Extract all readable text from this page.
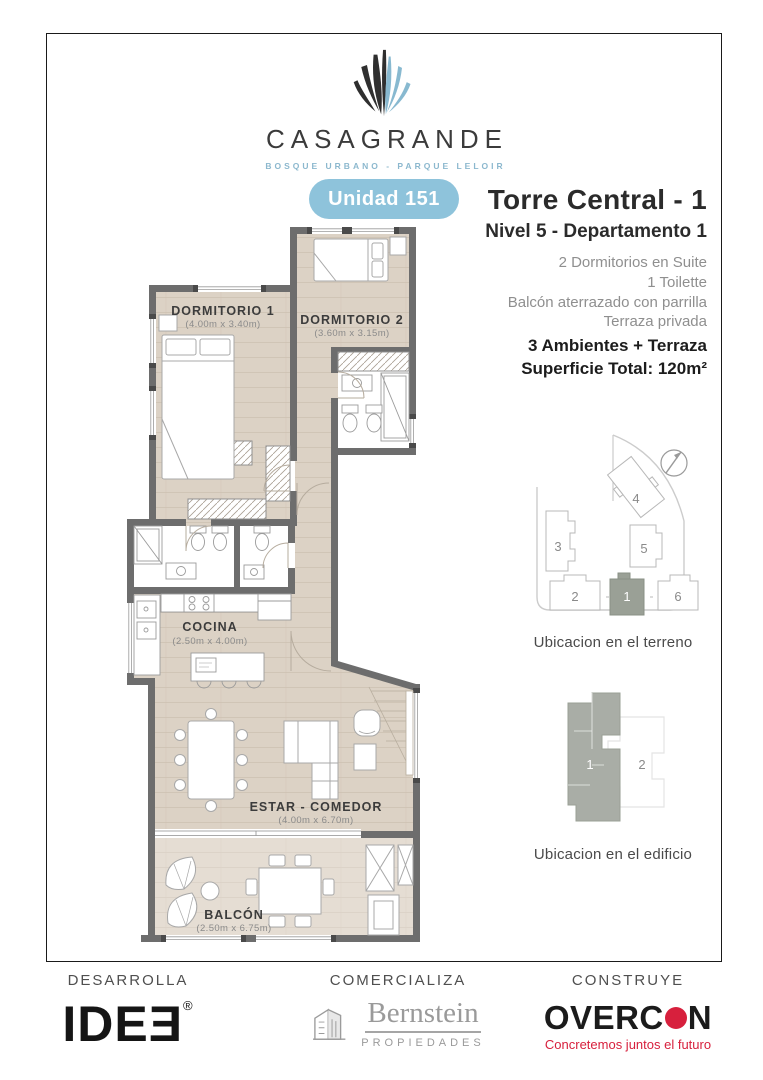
CASAGRANDE
BOSQUE URBANO - PARQUE LELOIR
Unidad 151	Torre Central - 1
Nivel 5 - Departamento 1
2 Dormitorios en Suite
1 Toilette
Balcón aterrazado con parrilla
Terraza privada
3 Ambientes + Terraza
Superficie Total: 120m²
DORMITORIO 1
(4.00m x 3.40m)	DORMITORIO 2
(3.60m x 3.15m)
COCINA
(2.50m x 4.00m)
ESTAR - COMEDOR
(4.00m x 6.70m)
BALCÓN
(2.50m x 6.75m)
3
4
5
2	1	6
Ubicacion en el terreno
1	2
Ubicacion en el edificio
DESARROLLA
IDEƎ®
COMERCIALIZA
Bernstein
PROPIEDADES
CONSTRUYE
OVERC N
Concretemos juntos el futuro
